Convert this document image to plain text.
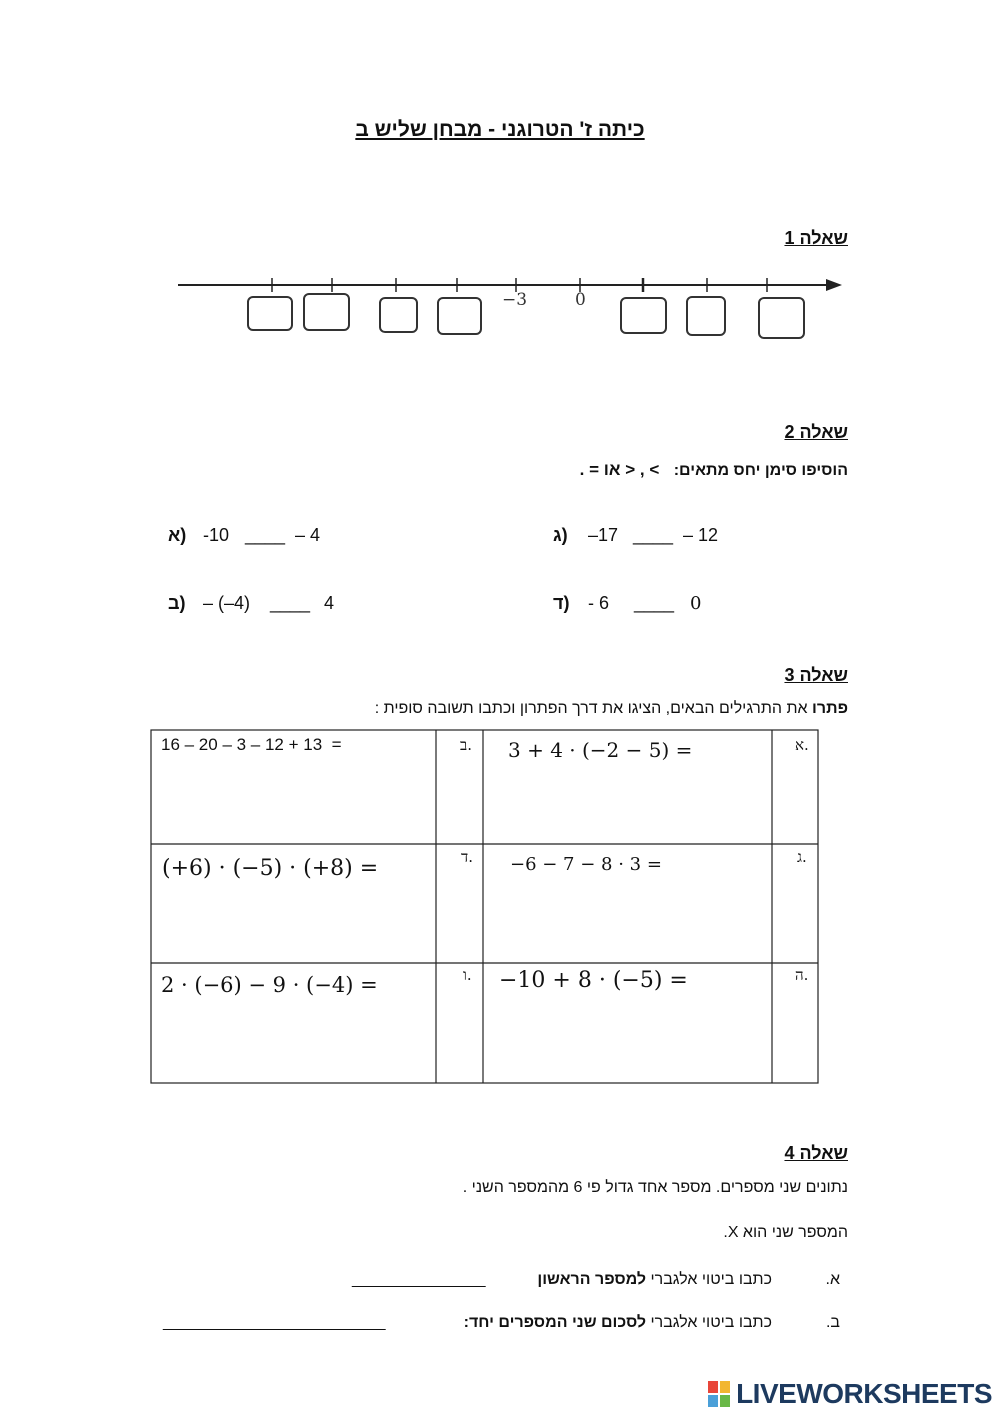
כיתה ז' הטרוגני - מבחן שליש ב
שאלה 1
−3	0
שאלה 2
הוסיפו סימן יחס מתאים: > , < או = .
א) -10 ____ – 4
ב) – (–4) ____ 4
ג) –17 ____ – 12
ד) - 6 ____ 0
שאלה 3
פתרו את התרגילים הבאים, הציגו את דרך הפתרון וכתבו תשובה סופית :
א.
3 + 4 · (−2 − 5) =
ב.
16 – 20 – 3 – 12 + 13  =
ג.
−6 − 7 − 8 · 3 =
ד.
(+6) · (−5) · (+8) =
ה.
−10 + 8 · (−5) =
ו.
2 · (−6) − 9 · (−4) =
שאלה 4
נתונים שני מספרים. מספר אחד גדול פי 6 מהמספר השני .
המספר שני הוא X.
א.
כתבו ביטוי אלגברי למספר הראשון
_______________
ב.
כתבו ביטוי אלגברי לסכום שני המספרים יחד:
_________________________
LIVEWORKSHEETS
